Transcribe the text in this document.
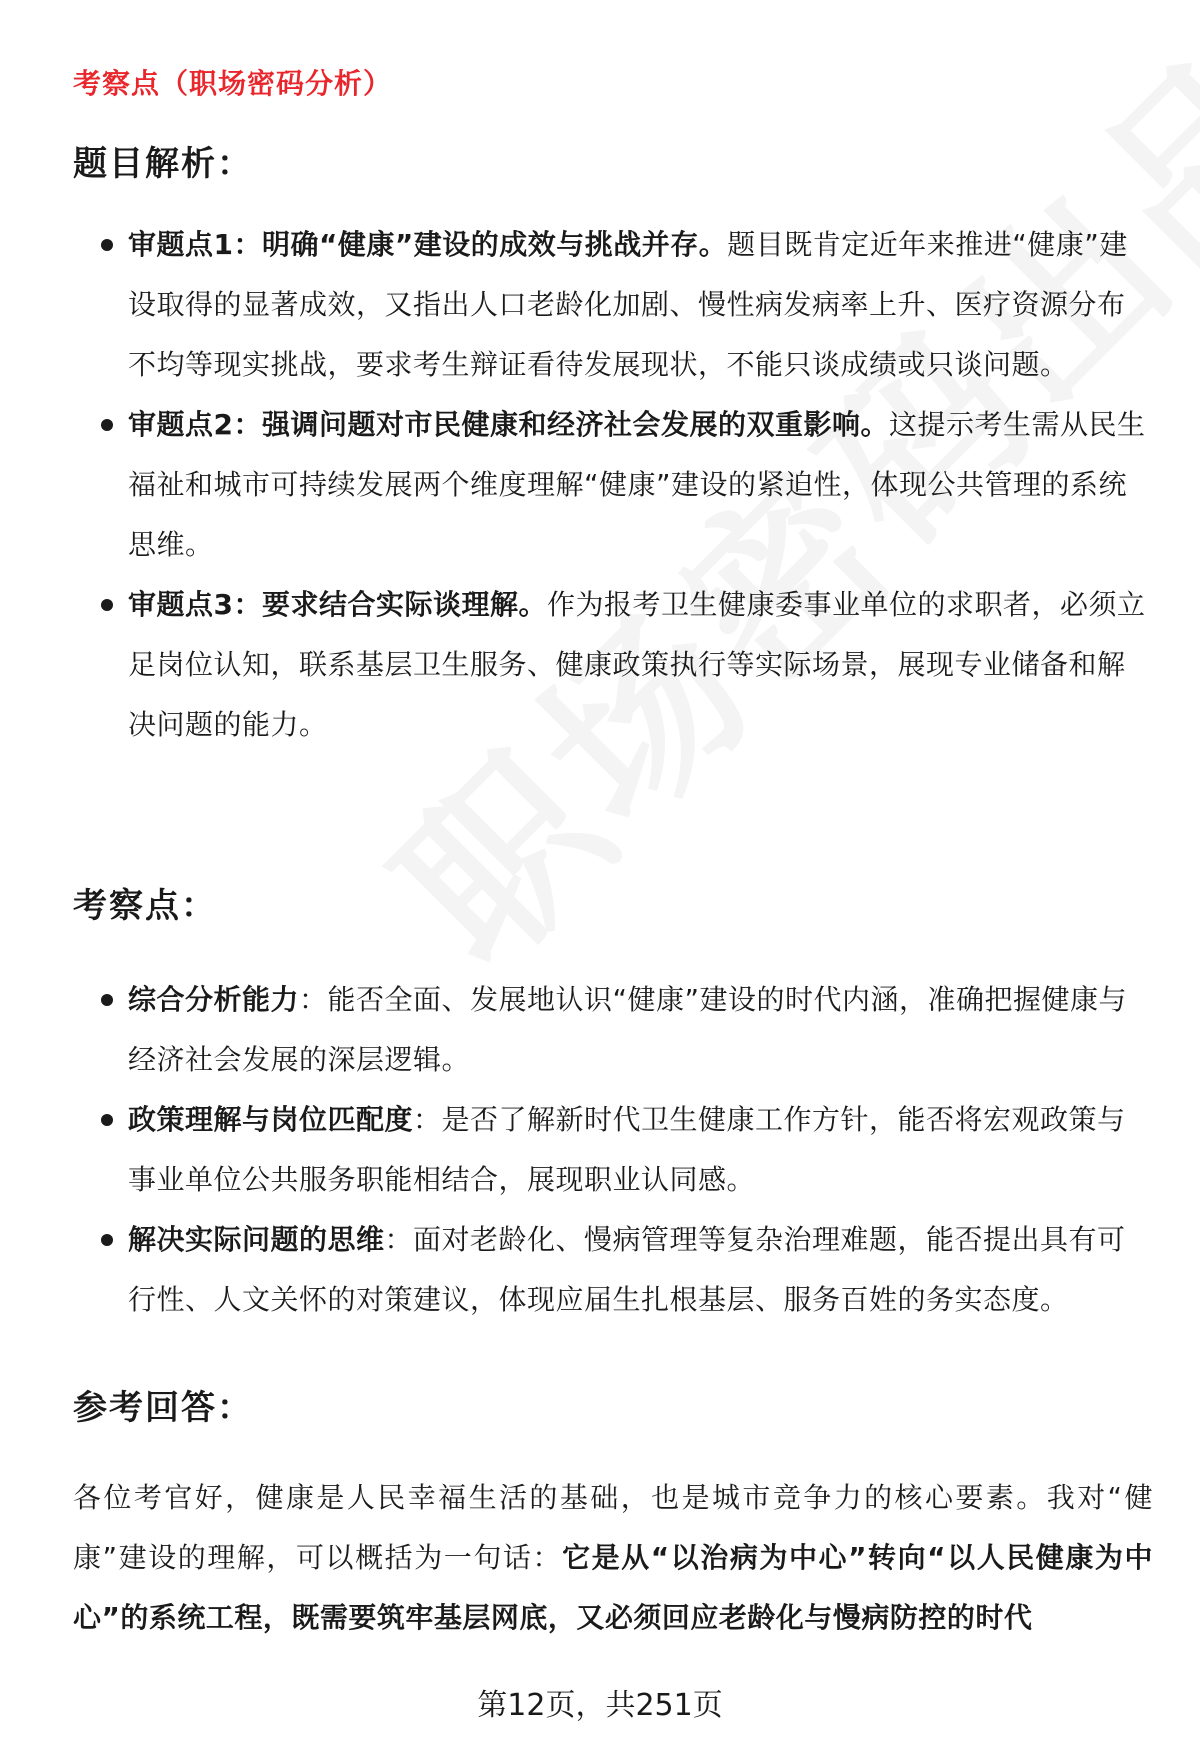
考察点（职场密码分析）
题目解析：
审题点1：明确“健康”建设的成效与挑战并存。题目既肯定近年来推进“健康”建设取得的显著成效，又指出人口老龄化加剧、慢性病发病率上升、医疗资源分布不均等现实挑战，要求考生辩证看待发展现状，不能只谈成绩或只谈问题。
审题点2：强调问题对市民健康和经济社会发展的双重影响。这提示考生需从民生福祉和城市可持续发展两个维度理解“健康”建设的紧迫性，体现公共管理的系统思维。
审题点3：要求结合实际谈理解。作为报考卫生健康委事业单位的求职者，必须立足岗位认知，联系基层卫生服务、健康政策执行等实际场景，展现专业储备和解决问题的能力。
考察点：
综合分析能力：能否全面、发展地认识“健康”建设的时代内涵，准确把握健康与经济社会发展的深层逻辑。
政策理解与岗位匹配度：是否了解新时代卫生健康工作方针，能否将宏观政策与事业单位公共服务职能相结合，展现职业认同感。
解决实际问题的思维：面对老龄化、慢病管理等复杂治理难题，能否提出具有可行性、人文关怀的对策建议，体现应届生扎根基层、服务百姓的务实态度。
参考回答：
各位考官好，健康是人民幸福生活的基础，也是城市竞争力的核心要素。我对“健康”建设的理解，可以概括为一句话：它是从“以治病为中心”转向“以人民健康为中心”的系统工程，既需要筑牢基层网底，又必须回应老龄化与慢病防控的时代
第12页，共251页
